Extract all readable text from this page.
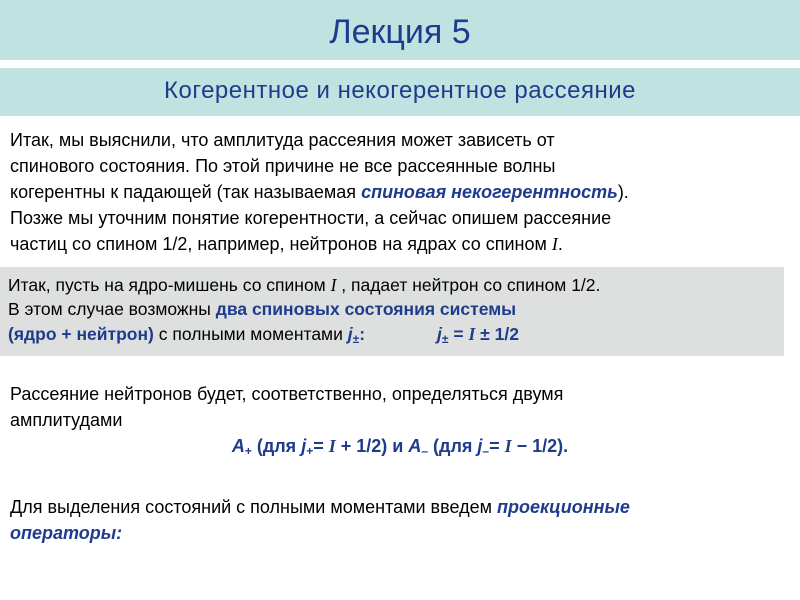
Лекция 5
Когерентное и некогерентное рассеяние
Итак, мы выяснили, что амплитуда рассеяния может зависеть от
спинового состояния. По этой причине не все рассеянные волны
когерентны к падающей (так называемая спиновая некогерентность).
Позже мы уточним понятие когерентности, а сейчас опишем рассеяние
частиц со спином 1/2, например, нейтронов на ядрах со спином I.
Итак, пусть на ядро-мишень со спином I , падает нейтрон со спином 1/2.
В этом случае возможны два спиновых состояния системы
(ядро + нейтрон) с полными моментами $j_\pm$:	$j_\pm = I \pm 1/2$
Рассеяние нейтронов будет, соответственно, определяться двумя
амплитудами
$A_+$ (для $j_+= I + 1/2$) и $A_-$ (для $j_-= I - 1/2$).
Для выделения состояний с полными моментами введем проекционные
операторы:
